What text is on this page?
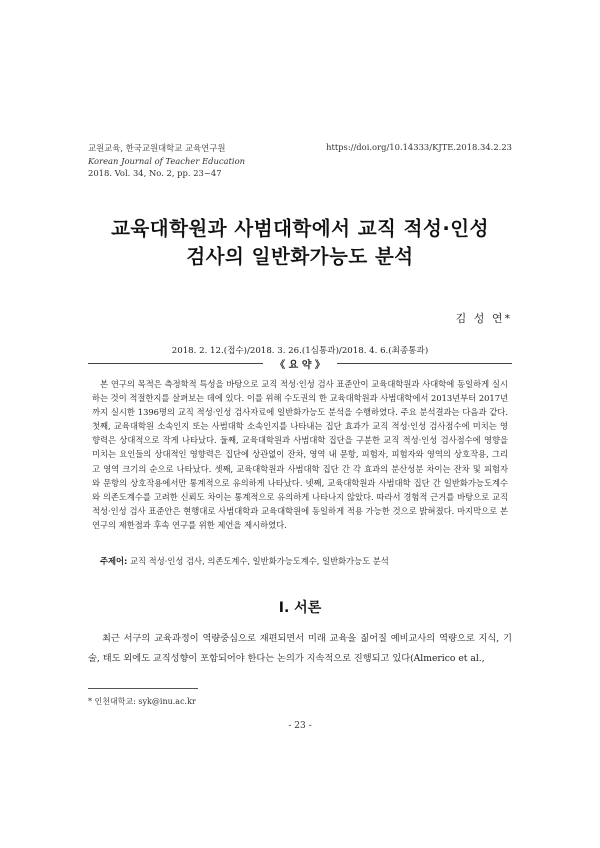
교원교육, 한국교원대학교 교육연구원
Korean Journal of Teacher Education
2018. Vol. 34, No. 2, pp. 23~47
https://doi.org/10.14333/KJTE.2018.34.2.23
교육대학원과 사범대학에서 교직 적성·인성
검사의 일반화가능도 분석
김 성 연*
2018. 2. 12.(접수)/2018. 3. 26.(1심통과)/2018. 4. 6.(최종통과)
《 요 약 》
본 연구의 목적은 측정학적 특성을 바탕으로 교직 적성·인성 검사 표준안이 교육대학원과 사대학에 동일하게 실시하는 것이 적절한지를 살펴보는 데에 있다. 이를 위해 수도권의 한 교육대학원과 사범대학에서 2013년부터 2017년까지 실시한 1396명의 교직 적성·인성 검사자료에 일반화가능도 분석을 수행하였다. 주요 분석결과는 다음과 같다. 첫째, 교육대학원 소속인지 또는 사범대학 소속인지를 나타내는 집단 효과가 교직 적성·인성 검사점수에 미치는 영향력은 상대적으로 작게 나타났다. 둘째, 교육대학원과 사범대학 집단을 구분한 교직 적성·인성 검사점수에 영향을 미치는 요인들의 상대적인 영향력은 집단에 상관없이 잔차, 영역 내 문항, 피험자, 피험자와 영역의 상호작용, 그리고 영역 크기의 순으로 나타났다. 셋째, 교육대학원과 사범대학 집단 간 각 효과의 분산성분 차이는 잔차 및 피험자와 문항의 상호작용에서만 통계적으로 유의하게 나타났다. 넷째, 교육대학원과 사범대학 집단 간 일반화가능도계수와 의존도계수를 고려한 신뢰도 차이는 통계적으로 유의하게 나타나지 않았다. 따라서 경험적 근거를 바탕으로 교직 적성·인성 검사 표준안은 현행대로 사범대학과 교육대학원에 동일하게 적용 가능한 것으로 밝혀졌다. 마지막으로 본 연구의 제한점과 후속 연구를 위한 제언을 제시하였다.
주제어: 교직 적성·인성 검사, 의존도계수, 일반화가능도계수, 일반화가능도 분석
Ⅰ. 서론
최근 서구의 교육과정이 역량중심으로 재편되면서 미래 교육을 짊어질 예비교사의 역량으로 지식, 기술, 태도 외에도 교직성향이 포함되어야 한다는 논의가 지속적으로 진행되고 있다(Almerico et al.,
* 인천대학교: syk@inu.ac.kr
- 23 -
